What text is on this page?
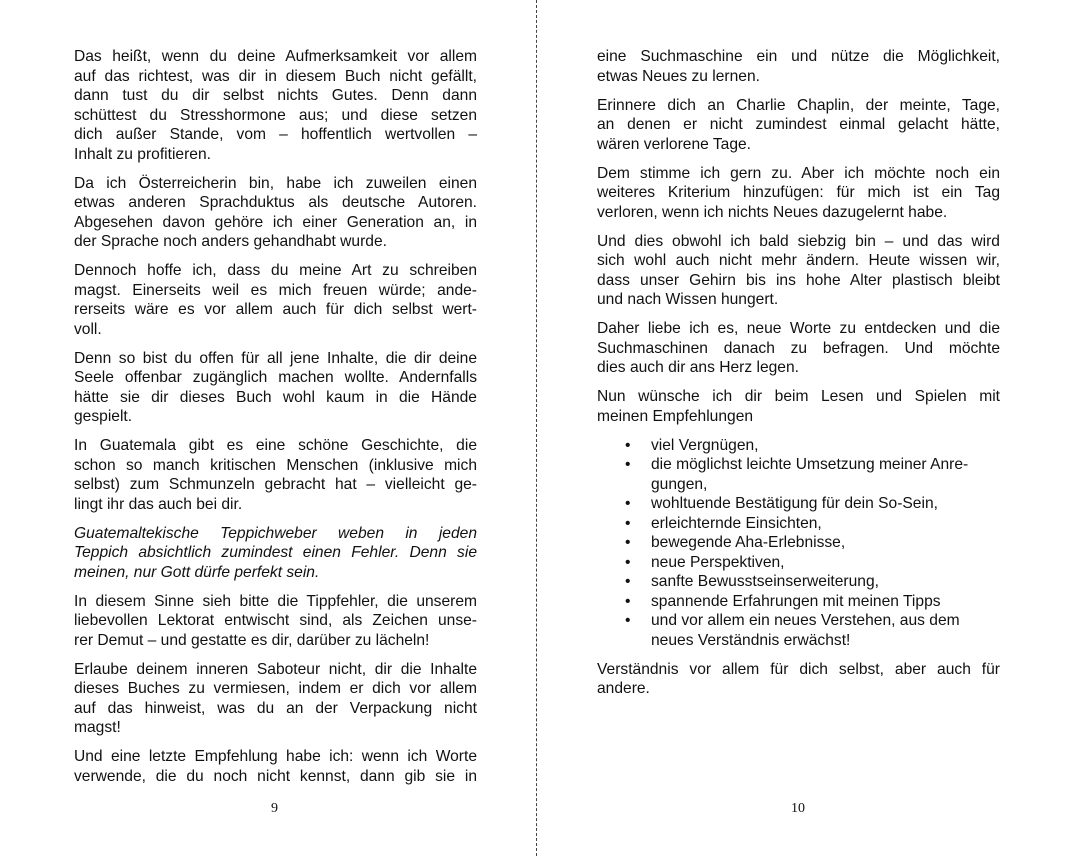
Das heißt, wenn du deine Aufmerksamkeit vor allem
auf das richtest, was dir in diesem Buch nicht gefällt,
dann tust du dir selbst nichts Gutes. Denn dann
schüttest du Stresshormone aus; und diese setzen
dich außer Stande, vom – hoffentlich wertvollen –
Inhalt zu profitieren.
Da ich Österreicherin bin, habe ich zuweilen einen
etwas anderen Sprachduktus als deutsche Autoren.
Abgesehen davon gehöre ich einer Generation an, in
der Sprache noch anders gehandhabt wurde.
Dennoch hoffe ich, dass du meine Art zu schreiben
magst. Einerseits weil es mich freuen würde; ande-
rerseits wäre es vor allem auch für dich selbst wert-
voll.
Denn so bist du offen für all jene Inhalte, die dir deine
Seele offenbar zugänglich machen wollte. Andernfalls
hätte sie dir dieses Buch wohl kaum in die Hände
gespielt.
In Guatemala gibt es eine schöne Geschichte, die
schon so manch kritischen Menschen (inklusive mich
selbst) zum Schmunzeln gebracht hat – vielleicht ge-
lingt ihr das auch bei dir.
Guatemaltekische Teppichweber weben in jeden
Teppich absichtlich zumindest einen Fehler. Denn sie
meinen, nur Gott dürfe perfekt sein.
In diesem Sinne sieh bitte die Tippfehler, die unserem
liebevollen Lektorat entwischt sind, als Zeichen unse-
rer Demut – und gestatte es dir, darüber zu lächeln!
Erlaube deinem inneren Saboteur nicht, dir die Inhalte
dieses Buches zu vermiesen, indem er dich vor allem
auf das hinweist, was du an der Verpackung nicht
magst!
Und eine letzte Empfehlung habe ich: wenn ich Worte
verwende, die du noch nicht kennst, dann gib sie in
eine Suchmaschine ein und nütze die Möglichkeit,
etwas Neues zu lernen.
Erinnere dich an Charlie Chaplin, der meinte, Tage,
an denen er nicht zumindest einmal gelacht hätte,
wären verlorene Tage.
Dem stimme ich gern zu. Aber ich möchte noch ein
weiteres Kriterium hinzufügen: für mich ist ein Tag
verloren, wenn ich nichts Neues dazugelernt habe.
Und dies obwohl ich bald siebzig bin – und das wird
sich wohl auch nicht mehr ändern. Heute wissen wir,
dass unser Gehirn bis ins hohe Alter plastisch bleibt
und nach Wissen hungert.
Daher liebe ich es, neue Worte zu entdecken und die
Suchmaschinen danach zu befragen. Und möchte
dies auch dir ans Herz legen.
Nun wünsche ich dir beim Lesen und Spielen mit
meinen Empfehlungen
• viel Vergnügen,
• die möglichst leichte Umsetzung meiner Anre-
gungen,
• wohltuende Bestätigung für dein So-Sein,
• erleichternde Einsichten,
• bewegende Aha-Erlebnisse,
• neue Perspektiven,
• sanfte Bewusstseinserweiterung,
• spannende Erfahrungen mit meinen Tipps
• und vor allem ein neues Verstehen, aus dem
neues Verständnis erwächst!
Verständnis vor allem für dich selbst, aber auch für
andere.
9	10
